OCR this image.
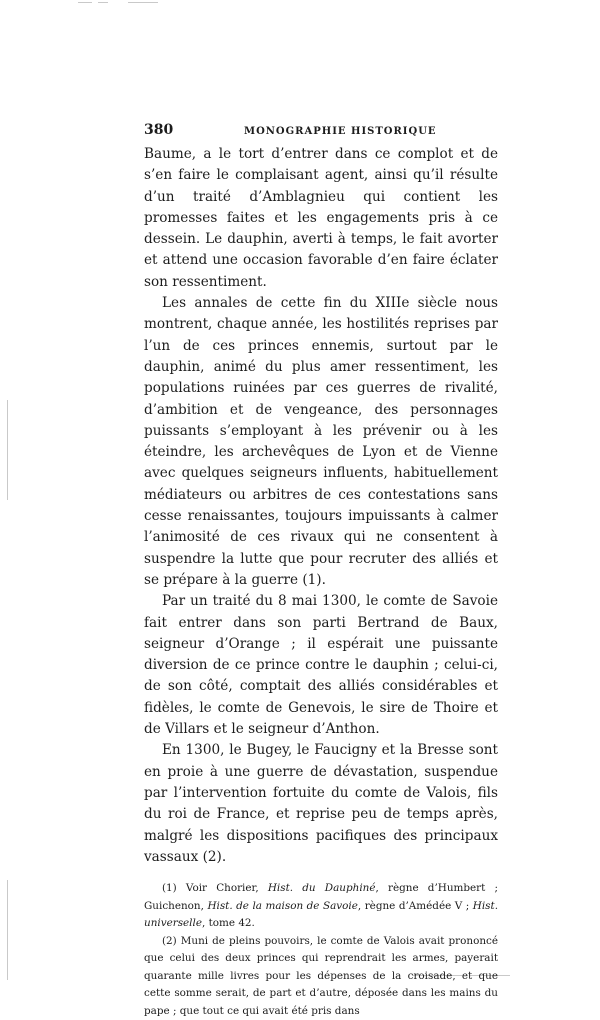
380	MONOGRAPHIE HISTORIQUE

Baume, a le tort d’entrer dans ce complot et de s’en faire le complaisant agent, ainsi qu’il résulte d’un traité d’Amblagnieu qui contient les promesses faites et les engagements pris à ce dessein. Le dauphin, averti à temps, le fait avorter et attend une occasion favorable d’en faire éclater son ressentiment.

Les annales de cette fin du XIIIe siècle nous montrent, chaque année, les hostilités reprises par l’un de ces princes ennemis, surtout par le dauphin, animé du plus amer ressentiment, les populations ruinées par ces guerres de rivalité, d’ambition et de vengeance, des personnages puissants s’employant à les prévenir ou à les éteindre, les archevêques de Lyon et de Vienne avec quelques seigneurs influents, habituellement médiateurs ou arbitres de ces contestations sans cesse renaissantes, toujours impuissants à calmer l’animosité de ces rivaux qui ne consentent à suspendre la lutte que pour recruter des alliés et se prépare à la guerre (1).

Par un traité du 8 mai 1300, le comte de Savoie fait entrer dans son parti Bertrand de Baux, seigneur d’Orange ; il espérait une puissante diversion de ce prince contre le dauphin ; celui-ci, de son côté, comptait des alliés considérables et fidèles, le comte de Genevois, le sire de Thoire et de Villars et le seigneur d’Anthon.

En 1300, le Bugey, le Faucigny et la Bresse sont en proie à une guerre de dévastation, suspendue par l’intervention fortuite du comte de Valois, fils du roi de France, et reprise peu de temps après, malgré les dispositions pacifiques des principaux vassaux (2).

(1) Voir Chorier, Hist. du Dauphiné, règne d’Humbert ; Guichenon, Hist. de la maison de Savoie, règne d’Amédée V ; Hist. universelle, tome 42.

(2) Muni de pleins pouvoirs, le comte de Valois avait prononcé que celui des deux princes qui reprendrait les armes, payerait quarante mille livres pour les dépenses de la croisade, et que cette somme serait, de part et d’autre, déposée dans les mains du pape ; que tout ce qui avait été pris dans
